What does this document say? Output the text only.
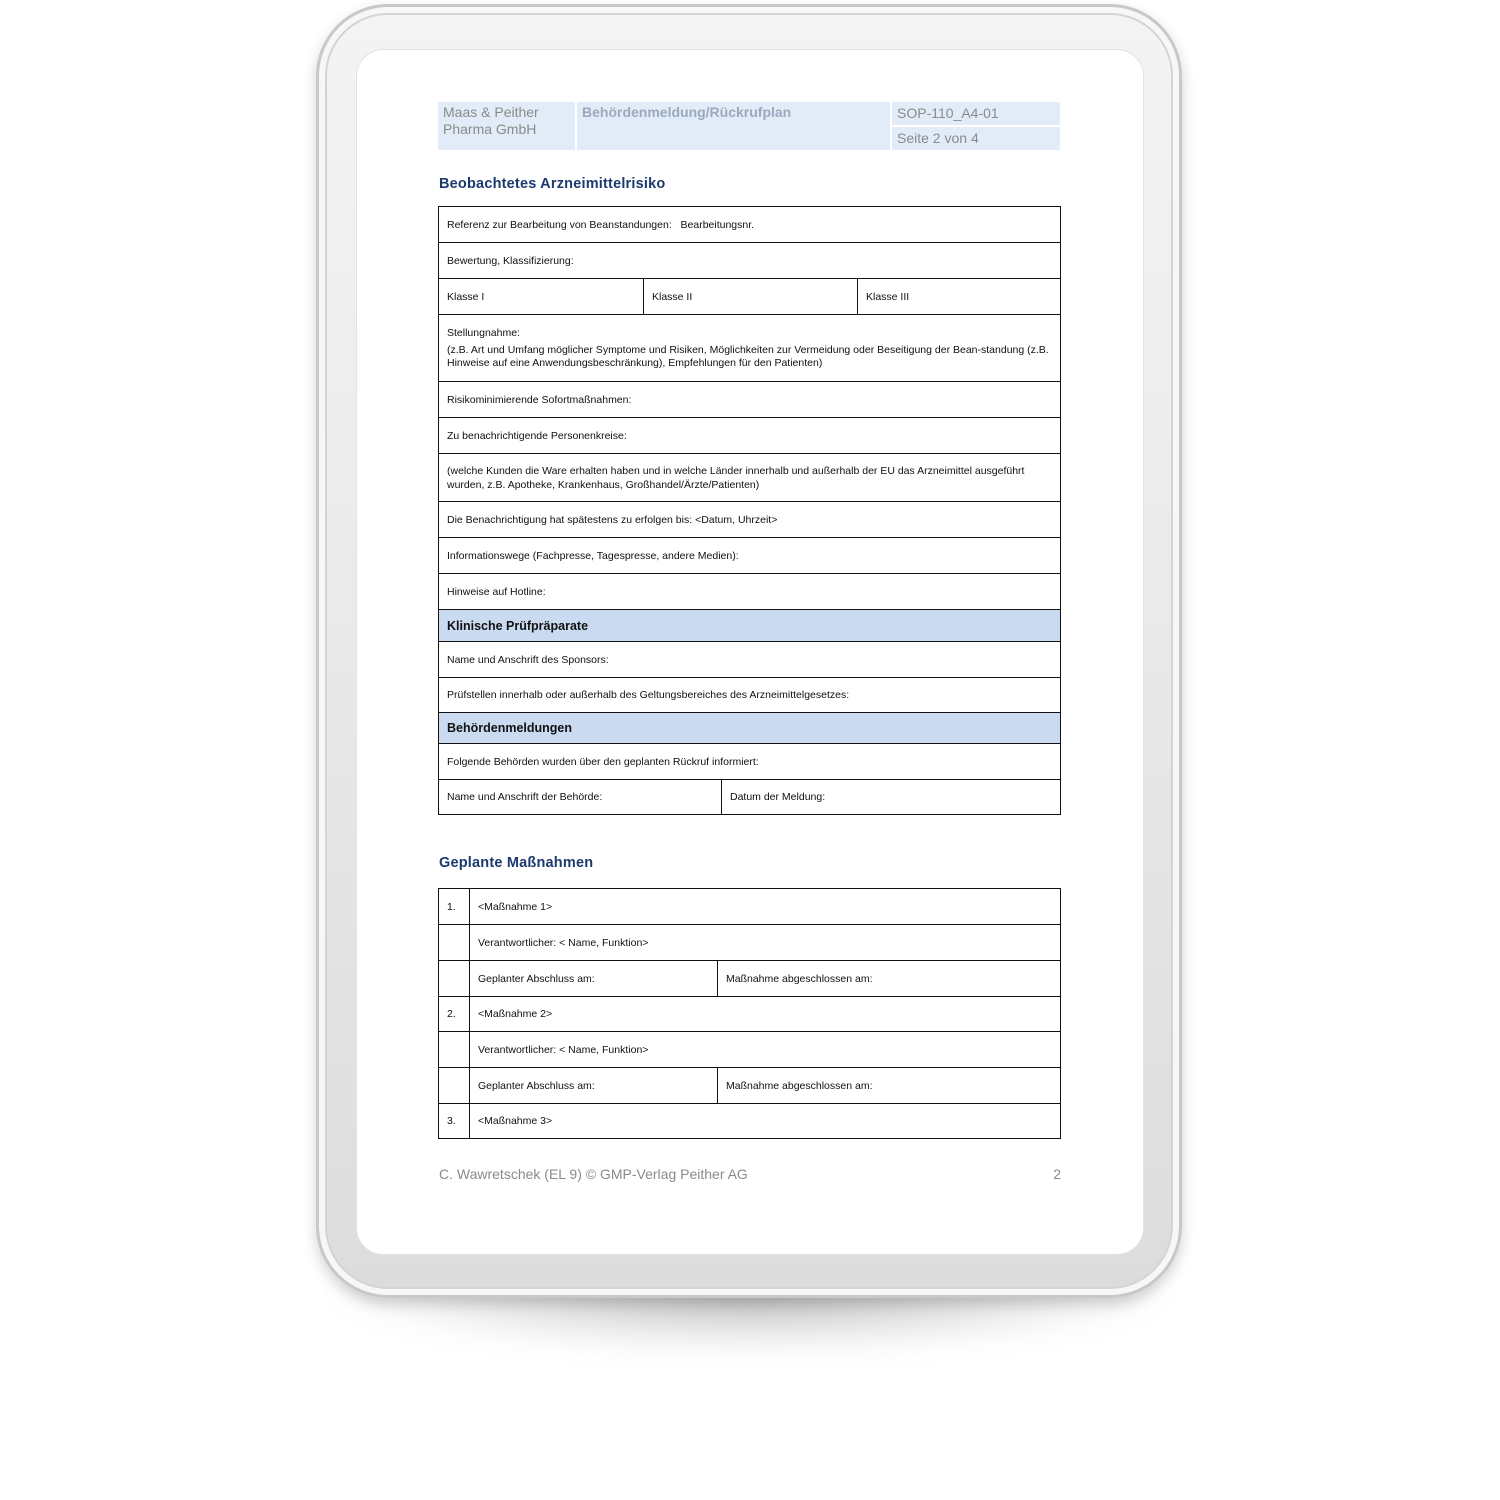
Maas & Peither Pharma GmbH
Behördenmeldung/Rückrufplan	SOP-110_A4-01
Seite 2 von 4
Beobachtetes Arzneimittelrisiko
Referenz zur Bearbeitung von Beanstandungen: Bearbeitungsnr.			
Bewertung, Klassifizierung:			
Klasse I	Klasse II		Klasse III
Stellungnahme:
(z.B. Art und Umfang möglicher Symptome und Risiken, Möglichkeiten zur Vermeidung oder Beseitigung der Bean-standung (z.B. Hinweise auf eine Anwendungsbeschränkung), Empfehlungen für den Patienten)			

Risikominimierende Sofortmaßnahmen:			
Zu benachrichtigende Personenkreise:			
(welche Kunden die Ware erhalten haben und in welche Länder innerhalb und außerhalb der EU das Arzneimittel ausgeführt wurden, z.B. Apotheke, Krankenhaus, Großhandel/Ärzte/Patienten)			
Die Benachrichtigung hat spätestens zu erfolgen bis: <Datum, Uhrzeit>			
Informationswege (Fachpresse, Tagespresse, andere Medien):			
Hinweise auf Hotline:			
Klinische Prüfpräparate			
Name und Anschrift des Sponsors:			
Prüfstellen innerhalb oder außerhalb des Geltungsbereiches des Arzneimittelgesetzes:			
Behördenmeldungen			
Folgende Behörden wurden über den geplanten Rückruf informiert:			
Name und Anschrift der Behörde:		Datum der Meldung:	
Geplante Maßnahmen
1.	<Maßnahme 1>	
	Verantwortlicher: < Name, Funktion>	
	Geplanter Abschluss am:	Maßnahme abgeschlossen am:
2.	<Maßnahme 2>	
	Verantwortlicher: < Name, Funktion>	
	Geplanter Abschluss am:	Maßnahme abgeschlossen am:
3.	<Maßnahme 3>	
C. Wawretschek (EL 9) © GMP-Verlag Peither AG	2
